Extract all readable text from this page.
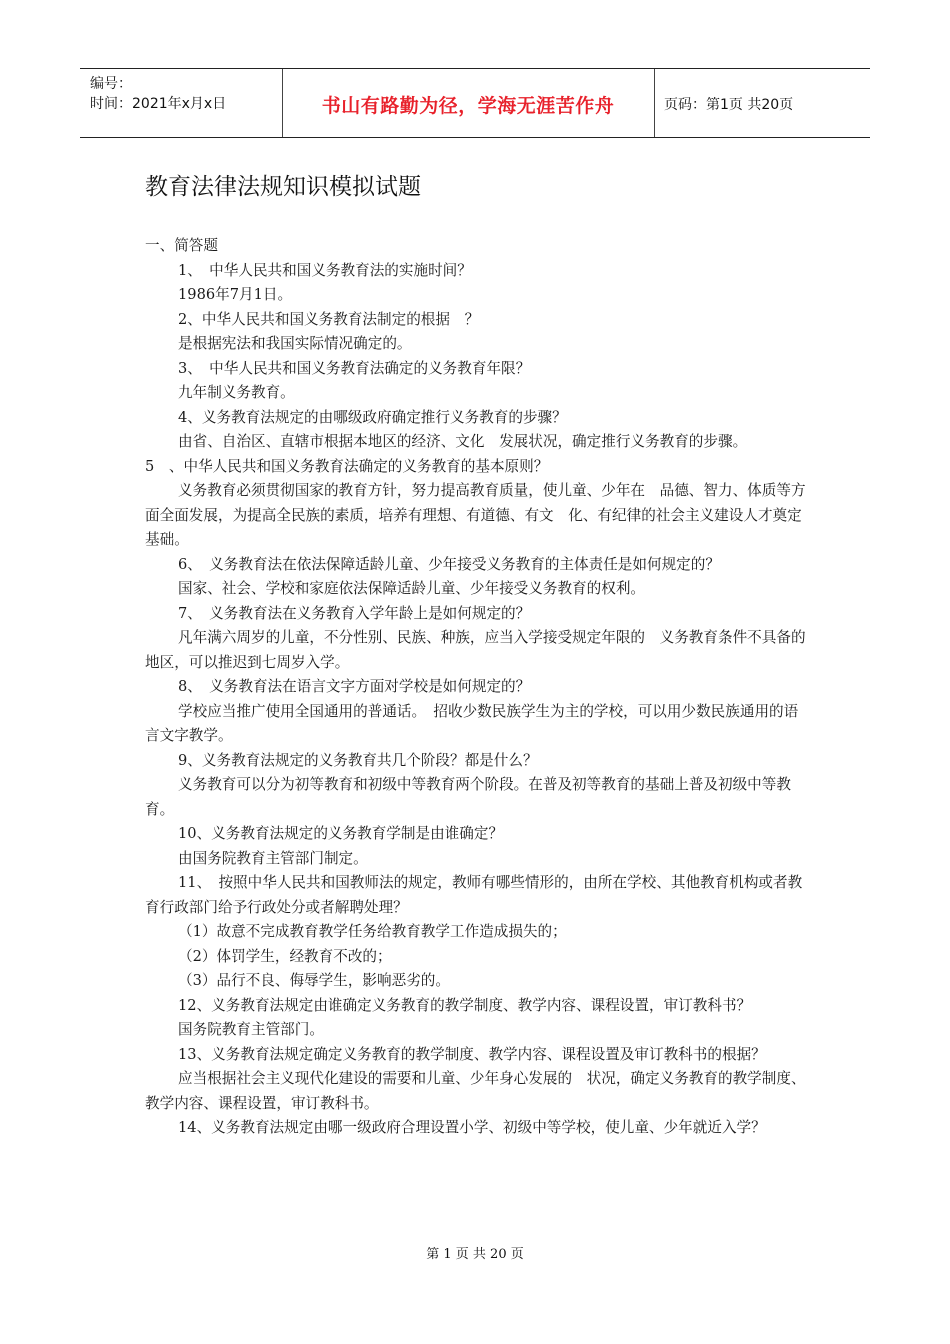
编号：
时间：2021年x月x日	书山有路勤为径，学海无涯苦作舟	页码：第1页 共20页
教育法律法规知识模拟试题

一、简答题

1、　中华人民共和国义务教育法的实施时间？

1986年7月1日。

2、中华人民共和国义务教育法制定的根据　？

是根据宪法和我国实际情况确定的。

3、　中华人民共和国义务教育法确定的义务教育年限？

九年制义务教育。

4、义务教育法规定的由哪级政府确定推行义务教育的步骤？

由省、自治区、直辖市根据本地区的经济、文化　发展状况，确定推行义务教育的步骤。　　　5　、中华人民共和国义务教育法确定的义务教育的基本原则？

义务教育必须贯彻国家的教育方针，努力提高教育质量，使儿童、少年在　品德、智力、体质等方面全面发展，为提高全民族的素质，培养有理想、有道德、有文　化、有纪律的社会主义建设人才奠定基础。

6、　义务教育法在依法保障适龄儿童、少年接受义务教育的主体责任是如何规定的？

国家、社会、学校和家庭依法保障适龄儿童、少年接受义务教育的权利。

7、　义务教育法在义务教育入学年龄上是如何规定的？

凡年满六周岁的儿童，不分性别、民族、种族，应当入学接受规定年限的　义务教育条件不具备的地区，可以推迟到七周岁入学。

8、　义务教育法在语言文字方面对学校是如何规定的？

学校应当推广使用全国通用的普通话。　招收少数民族学生为主的学校，可以用少数民族通用的语言文字教学。

9、义务教育法规定的义务教育共几个阶段？都是什么？

义务教育可以分为初等教育和初级中等教育两个阶段。在普及初等教育的基础上普及初级中等教育。

10、义务教育法规定的义务教育学制是由谁确定？

由国务院教育主管部门制定。

11、　按照中华人民共和国教师法的规定，教师有哪些情形的，由所在学校、其他教育机构或者教育行政部门给予行政处分或者解聘处理？

（1）故意不完成教育教学任务给教育教学工作造成损失的；

（2）体罚学生，经教育不改的；

（3）品行不良、侮辱学生，影响恶劣的。

12、义务教育法规定由谁确定义务教育的教学制度、教学内容、课程设置，审订教科书？

国务院教育主管部门。

13、义务教育法规定确定义务教育的教学制度、教学内容、课程设置及审订教科书的根据？

应当根据社会主义现代化建设的需要和儿童、少年身心发展的　状况，确定义务教育的教学制度、教学内容、课程设置，审订教科书。

14、义务教育法规定由哪一级政府合理设置小学、初级中等学校，使儿童、少年就近入学？

第 1 页 共 20 页
